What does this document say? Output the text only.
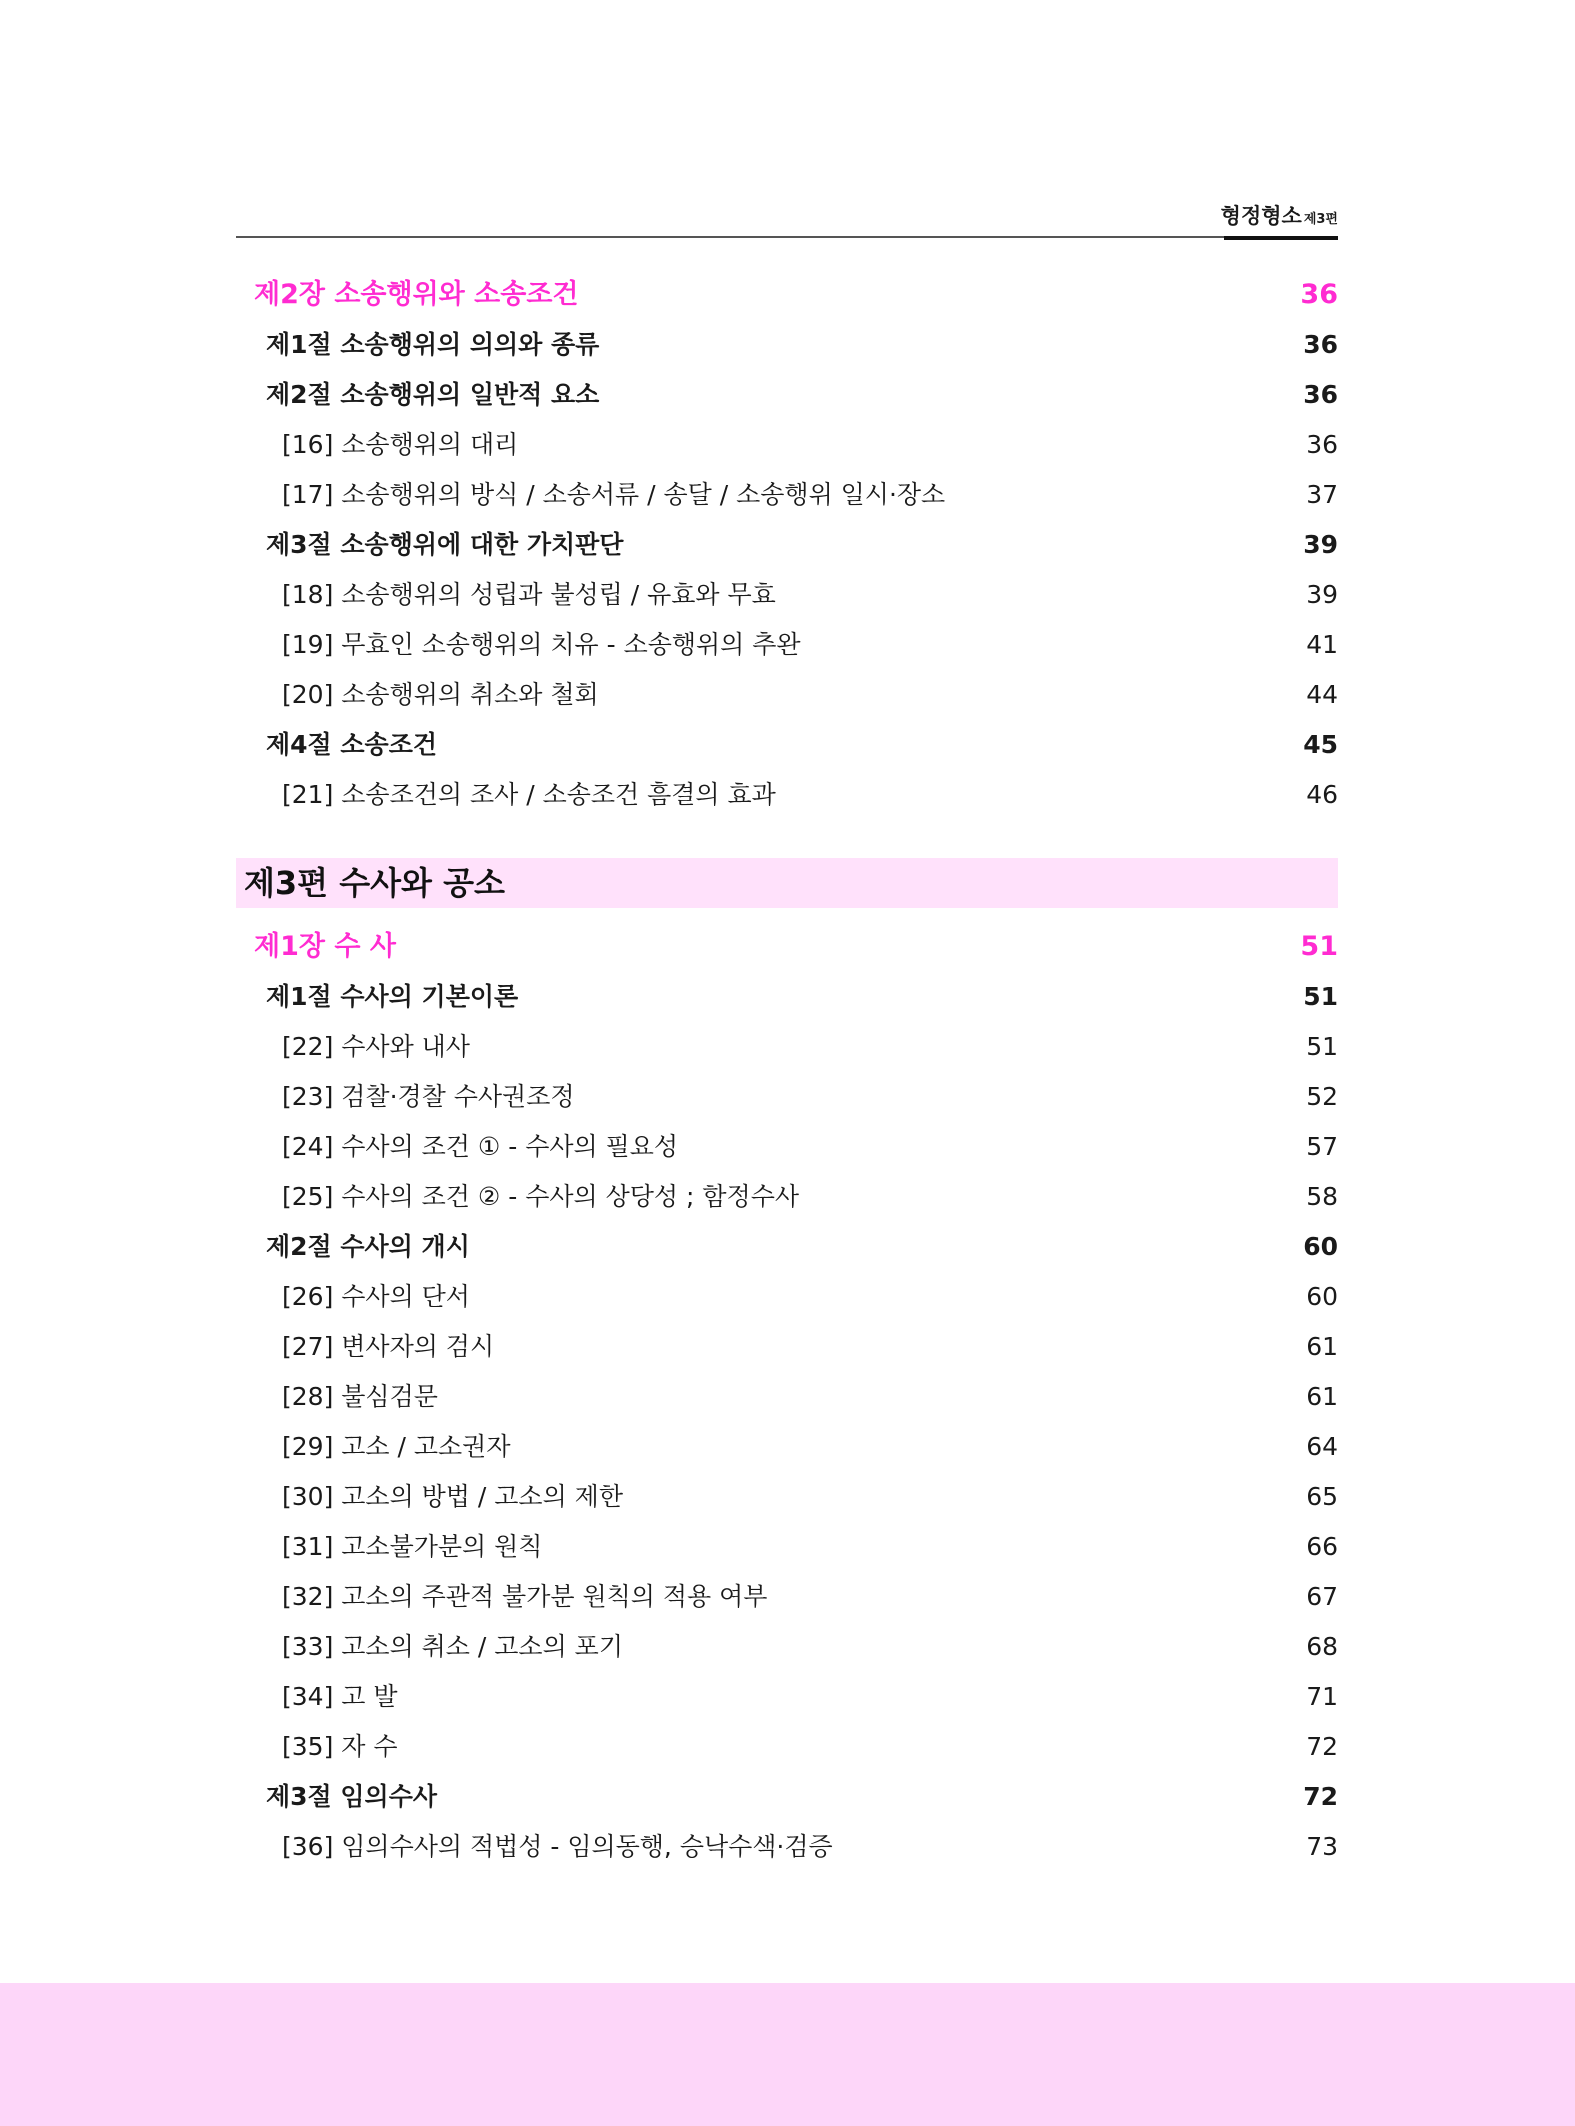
형정형소 제3편
제2장 소송행위와 소송조건	36
제1절 소송행위의 의의와 종류	36
제2절 소송행위의 일반적 요소	36
[16] 소송행위의 대리	36
[17] 소송행위의 방식 / 소송서류 / 송달 / 소송행위 일시·장소	37
제3절 소송행위에 대한 가치판단	39
[18] 소송행위의 성립과 불성립 / 유효와 무효	39
[19] 무효인 소송행위의 치유 - 소송행위의 추완	41
[20] 소송행위의 취소와 철회	44
제4절 소송조건	45
[21] 소송조건의 조사 / 소송조건 흠결의 효과	46
제3편 수사와 공소
제1장 수 사	51
제1절 수사의 기본이론	51
[22] 수사와 내사	51
[23] 검찰·경찰 수사권조정	52
[24] 수사의 조건 ① - 수사의 필요성	57
[25] 수사의 조건 ② - 수사의 상당성 ; 함정수사	58
제2절 수사의 개시	60
[26] 수사의 단서	60
[27] 변사자의 검시	61
[28] 불심검문	61
[29] 고소 / 고소권자	64
[30] 고소의 방법 / 고소의 제한	65
[31] 고소불가분의 원칙	66
[32] 고소의 주관적 불가분 원칙의 적용 여부	67
[33] 고소의 취소 / 고소의 포기	68
[34] 고 발	71
[35] 자 수	72
제3절 임의수사	72
[36] 임의수사의 적법성 - 임의동행, 승낙수색·검증	73
